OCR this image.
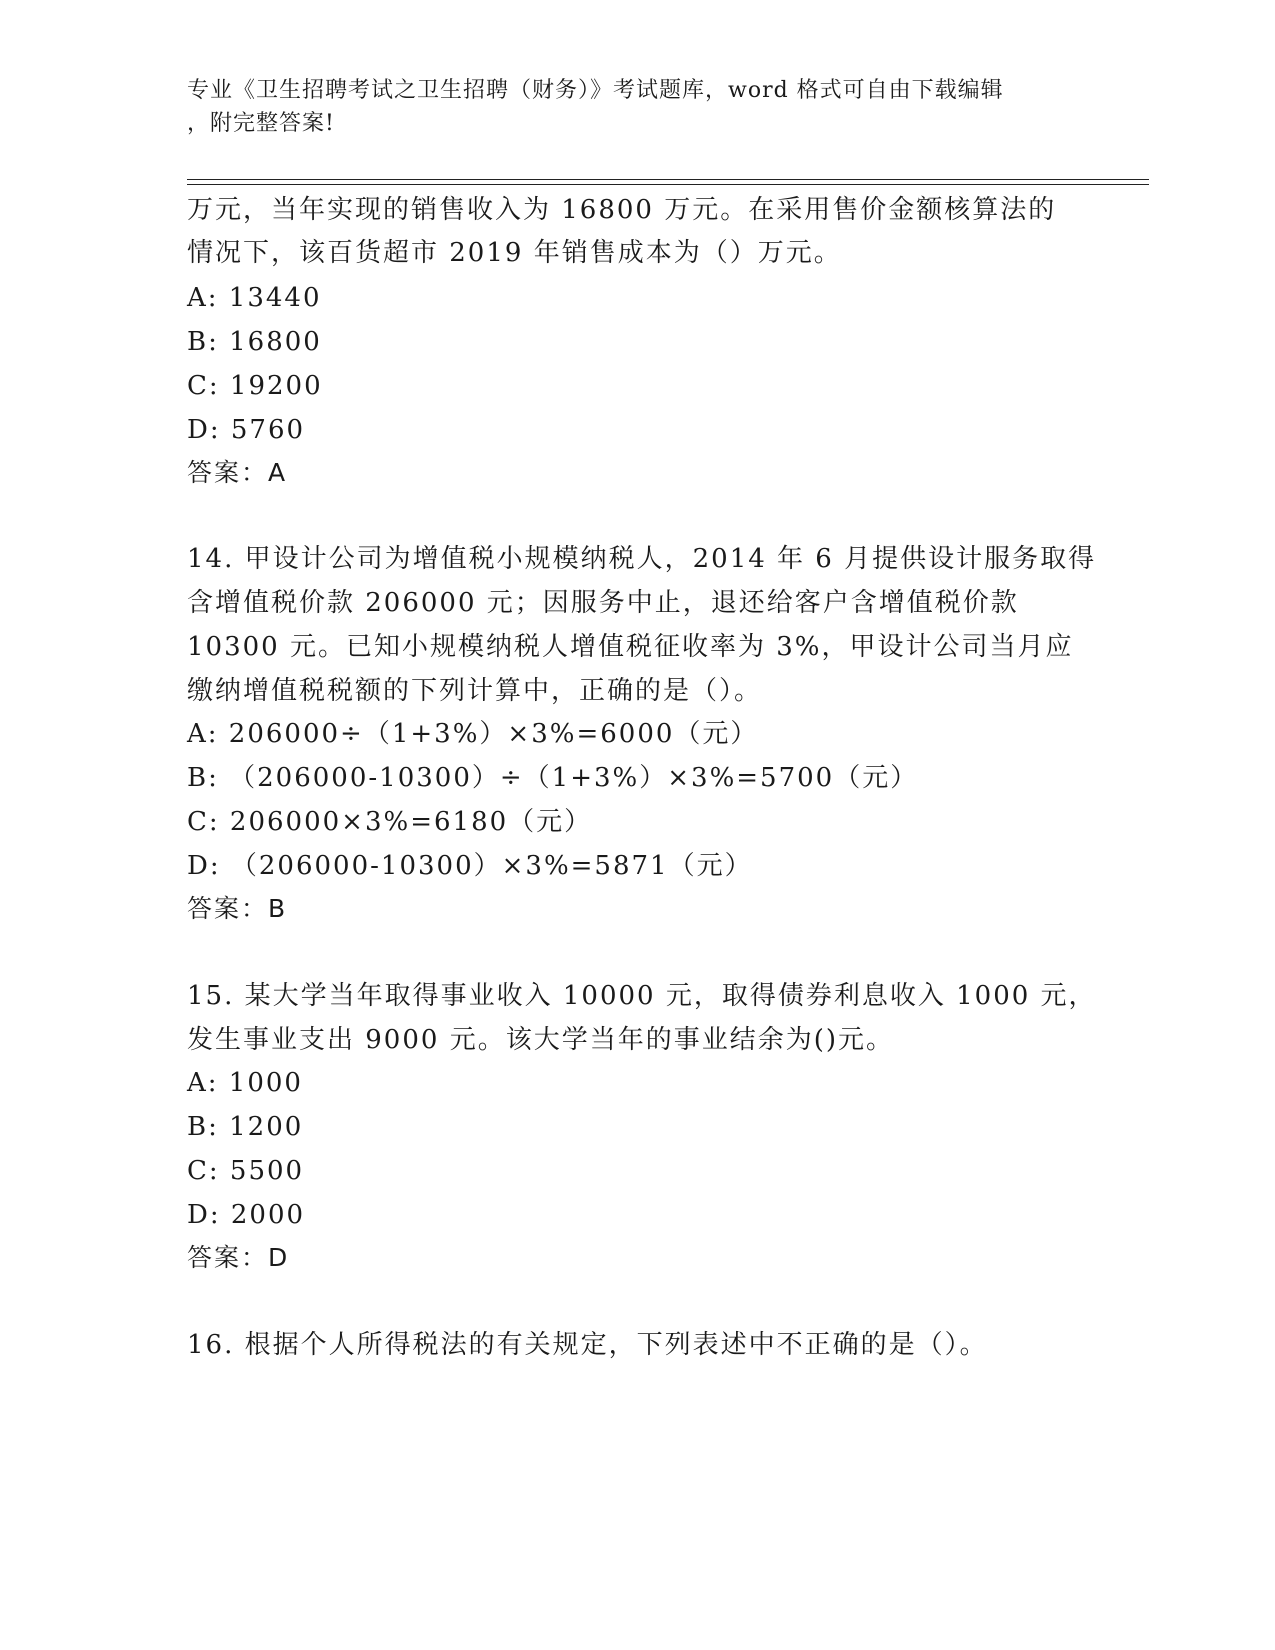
专业《卫生招聘考试之卫生招聘（财务）》考试题库，word 格式可自由下载编辑
，附完整答案!
万元，当年实现的销售收入为 16800 万元。在采用售价金额核算法的
情况下，该百货超市 2019 年销售成本为（）万元。
A: 13440
B: 16800
C: 19200
D: 5760
答案：A
14. 甲设计公司为增值税小规模纳税人，2014 年 6 月提供设计服务取得
含增值税价款 206000 元；因服务中止，退还给客户含增值税价款
10300 元。已知小规模纳税人增值税征收率为 3%，甲设计公司当月应
缴纳增值税税额的下列计算中，正确的是（）。
A: 206000÷（1+3%）×3%=6000（元）
B: （206000-10300）÷（1+3%）×3%=5700（元）
C: 206000×3%=6180（元）
D: （206000-10300）×3%=5871（元）
答案：B
15. 某大学当年取得事业收入 10000 元，取得债券利息收入 1000 元，
发生事业支出 9000 元。该大学当年的事业结余为()元。
A: 1000
B: 1200
C: 5500
D: 2000
答案：D
16. 根据个人所得税法的有关规定，下列表述中不正确的是（）。
